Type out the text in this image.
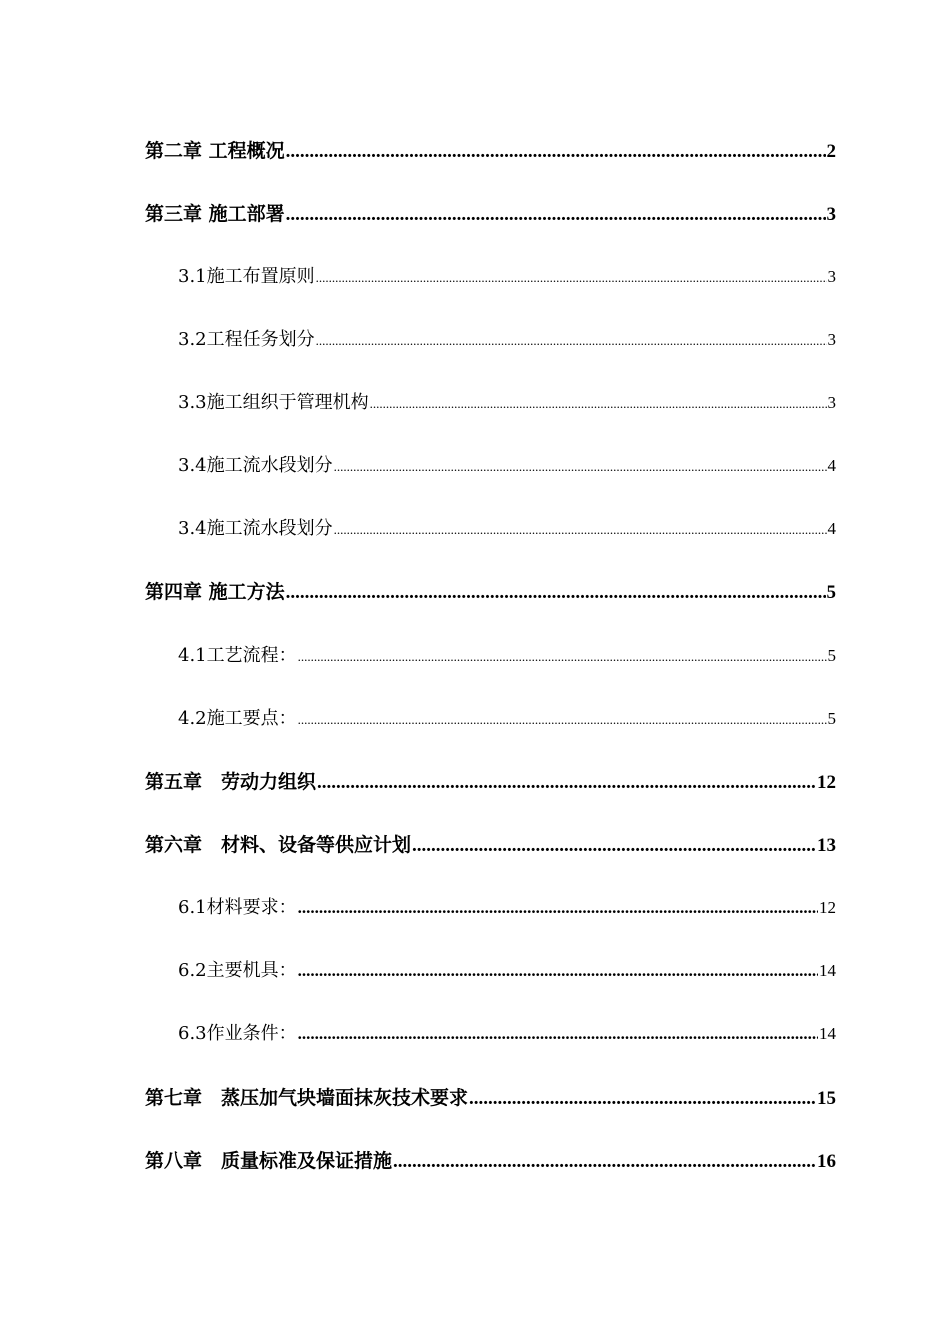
第二章 工程概况 .....	2
第三章 施工部署 .....	3
3.1施工布置原则 .....	3
3.2工程任务划分 .....	3
3.3施工组织于管理机构 .....	3
3.4施工流水段划分 .....	4
3.4施工流水段划分 .....	4
第四章 施工方法 .....	5
4.1工艺流程： .....	5
4.2施工要点： .....	5
第五章　劳动力组织 .....	12
第六章　材料、设备等供应计划 .....	13
6.1材料要求： .....	12
6.2主要机具： .....	14
6.3作业条件： .....	14
第七章　蒸压加气块墙面抹灰技术要求 .....	15
第八章　质量标准及保证措施 .....	16
